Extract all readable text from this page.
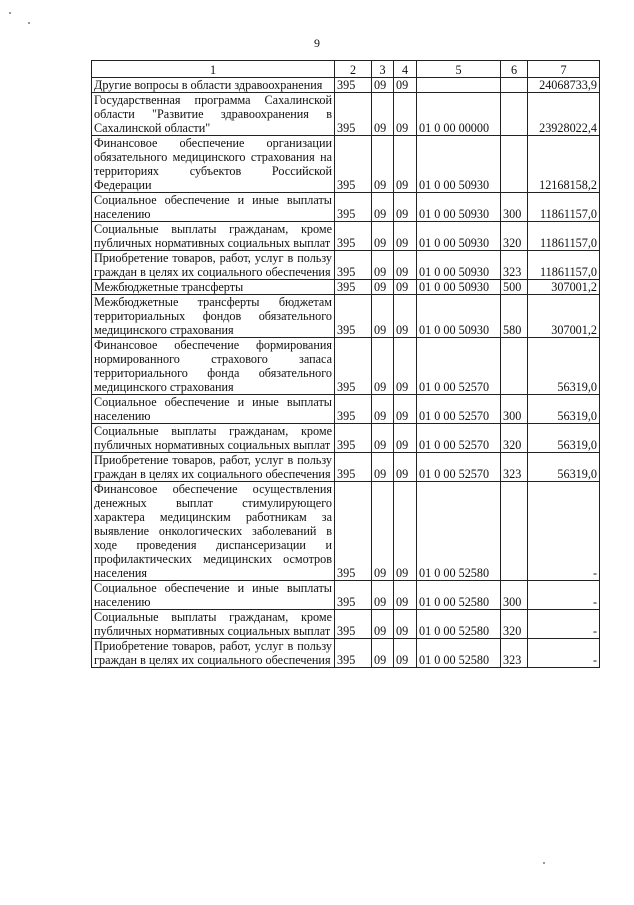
9
1	2	3	4	5	6	7
Другие вопросы в области здравоохранения	395	09	09			24068733,9
Государственная программа Сахалинской области "Развитие здравоохранения в Сахалинской области"	395	09	09	01 0 00 00000		23928022,4
Финансовое обеспечение организации обязательного медицинского страхования на территориях субъектов Российской Федерации	395	09	09	01 0 00 50930		12168158,2
Социальное обеспечение и иные выплаты населению	395	09	09	01 0 00 50930	300	11861157,0
Социальные выплаты гражданам, кроме публичных нормативных социальных выплат	395	09	09	01 0 00 50930	320	11861157,0
Приобретение товаров, работ, услуг в пользу граждан в целях их социального обеспечения	395	09	09	01 0 00 50930	323	11861157,0
Межбюджетные трансферты	395	09	09	01 0 00 50930	500	307001,2
Межбюджетные трансферты бюджетам территориальных фондов обязательного медицинского страхования	395	09	09	01 0 00 50930	580	307001,2
Финансовое обеспечение формирования нормированного страхового запаса территориального фонда обязательного медицинского страхования	395	09	09	01 0 00 52570		56319,0
Социальное обеспечение и иные выплаты населению	395	09	09	01 0 00 52570	300	56319,0
Социальные выплаты гражданам, кроме публичных нормативных социальных выплат	395	09	09	01 0 00 52570	320	56319,0
Приобретение товаров, работ, услуг в пользу граждан в целях их социального обеспечения	395	09	09	01 0 00 52570	323	56319,0
Финансовое обеспечение осуществления денежных выплат стимулирующего характера медицинским работникам за выявление онкологических заболеваний в ходе проведения диспансеризации и профилактических медицинских осмотров населения	395	09	09	01 0 00 52580		-
Социальное обеспечение и иные выплаты населению	395	09	09	01 0 00 52580	300	-
Социальные выплаты гражданам, кроме публичных нормативных социальных выплат	395	09	09	01 0 00 52580	320	-
Приобретение товаров, работ, услуг в пользу граждан в целях их социального обеспечения	395	09	09	01 0 00 52580	323	-
